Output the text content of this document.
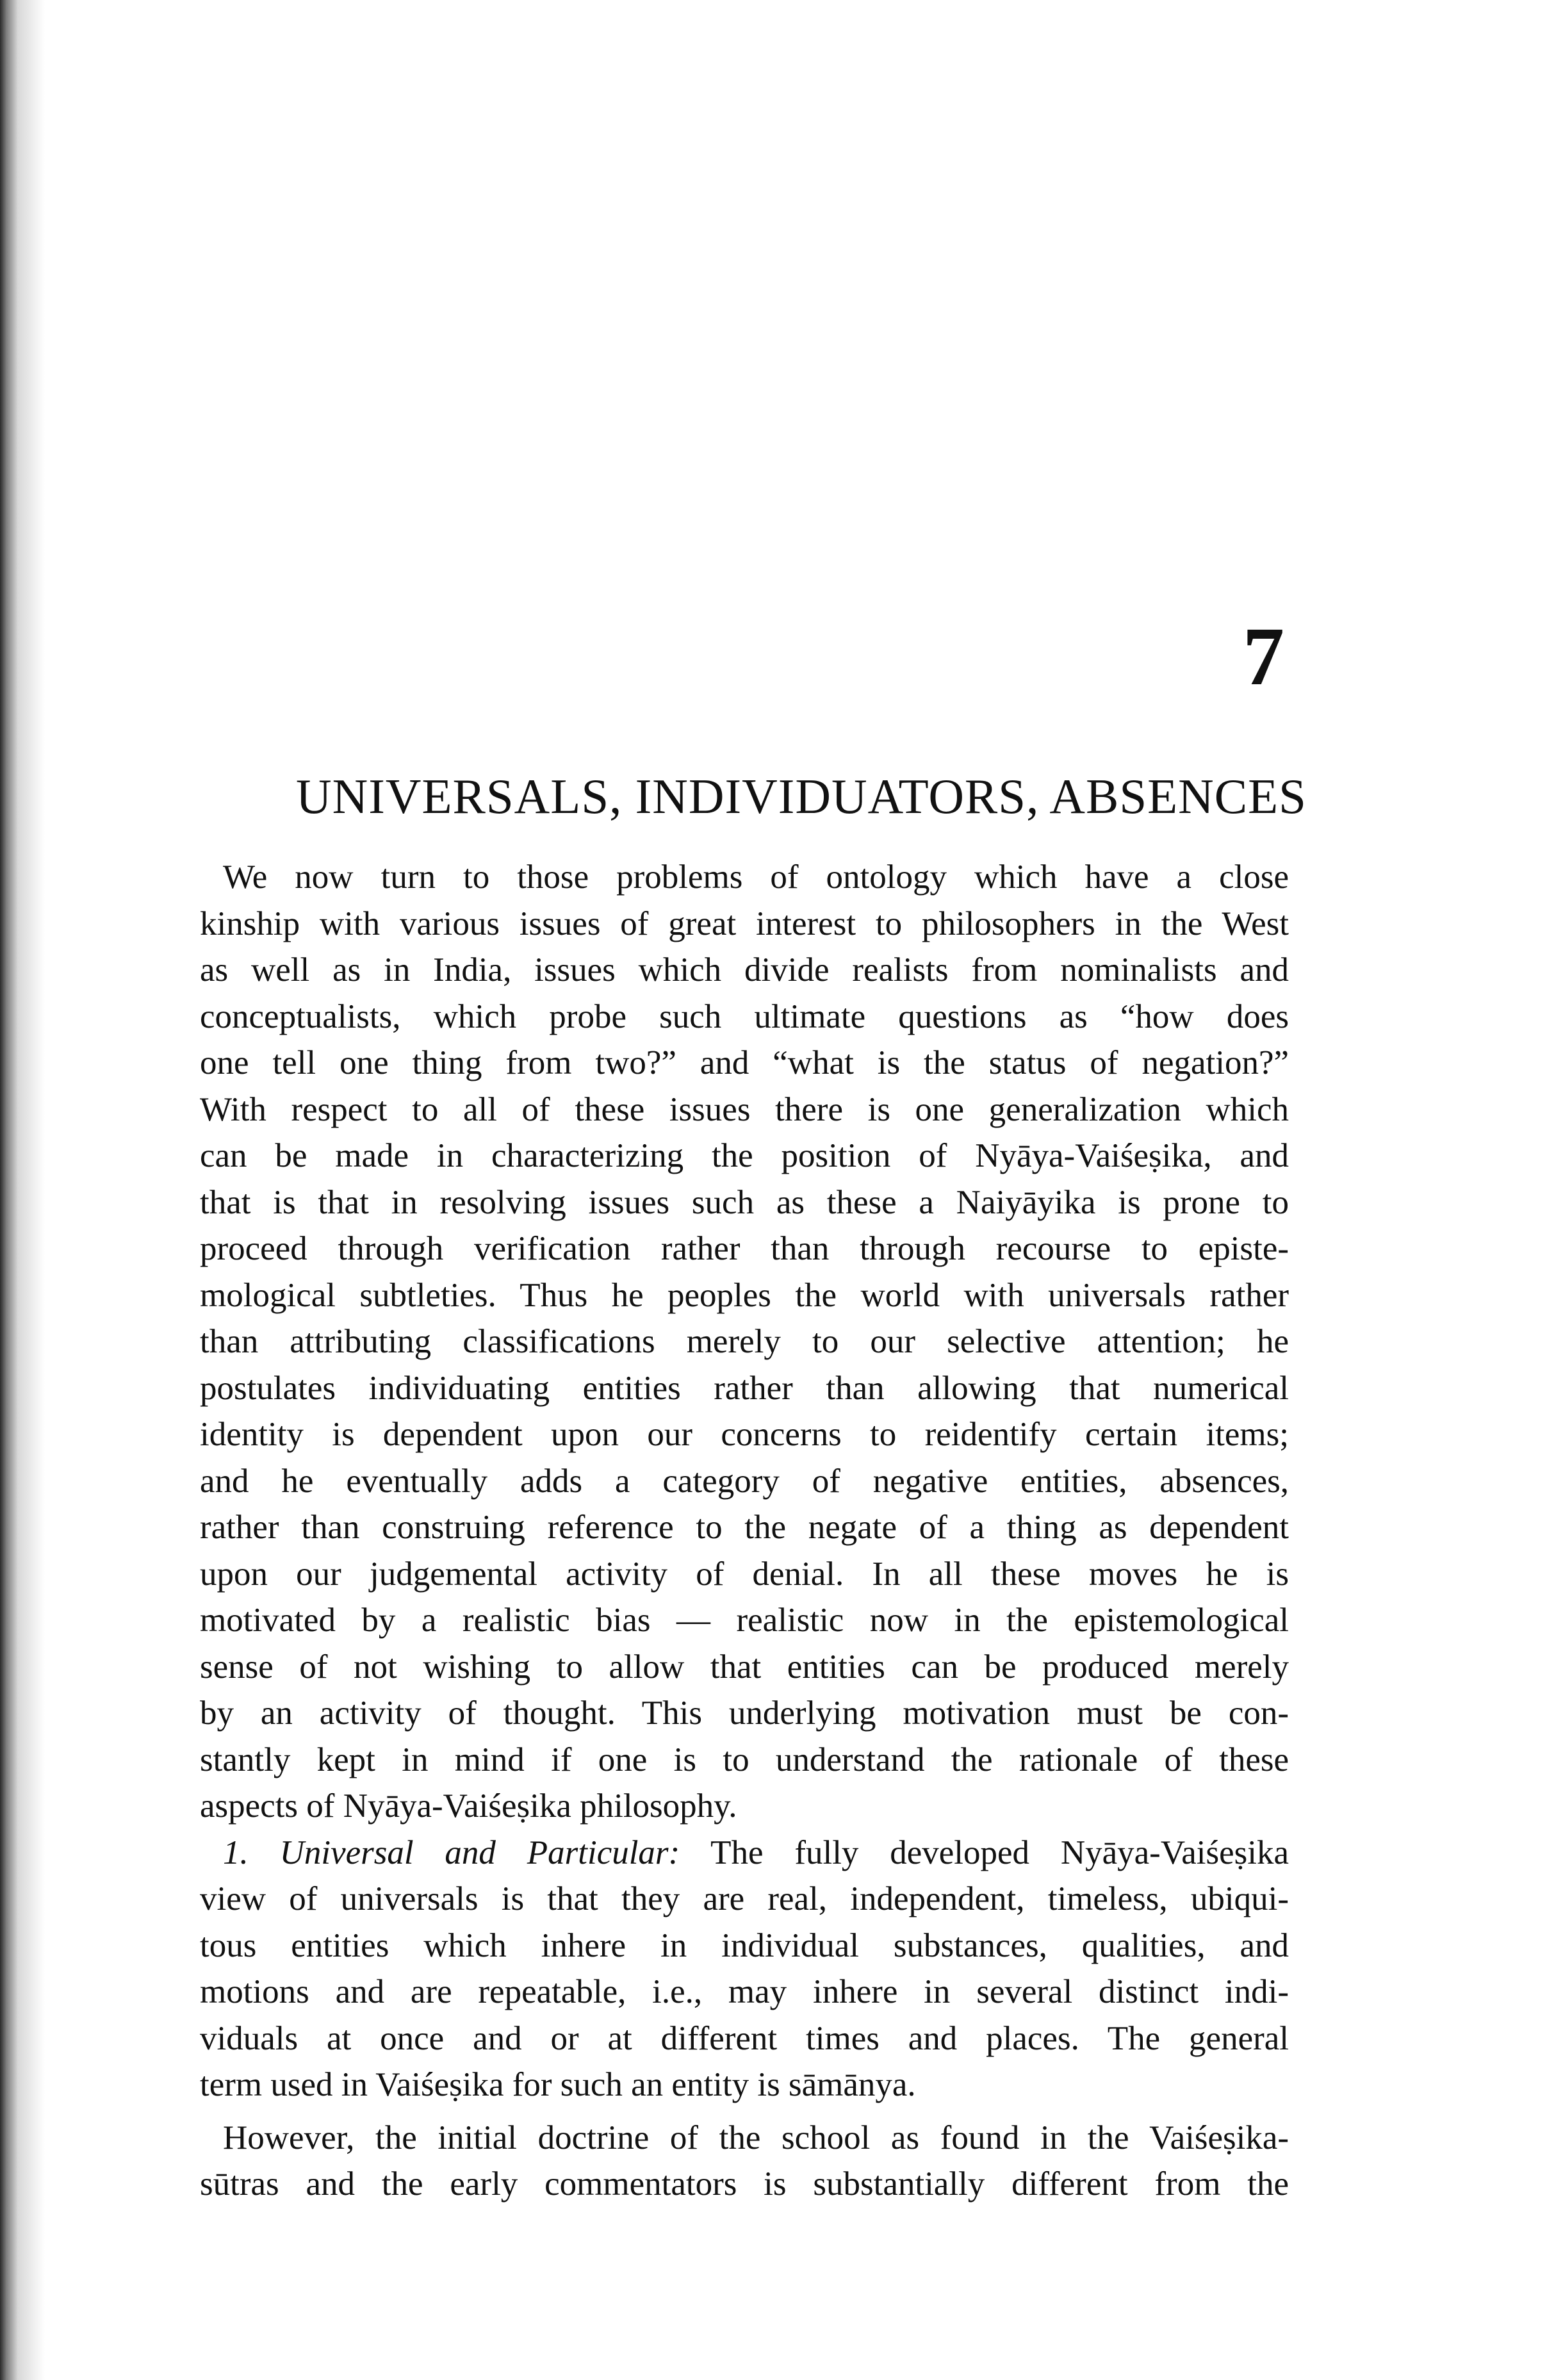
7
UNIVERSALS, INDIVIDUATORS, ABSENCES
We now turn to those problems of ontology which have a close
kinship with various issues of great interest to philosophers in the West
as well as in India, issues which divide realists from nominalists and
conceptualists, which probe such ultimate questions as “how does
one tell one thing from two?” and “what is the status of negation?”
With respect to all of these issues there is one generalization which
can be made in characterizing the position of Nyāya-Vaiśeṣika, and
that is that in resolving issues such as these a Naiyāyika is prone to
proceed through verification rather than through recourse to episte-
mological subtleties. Thus he peoples the world with universals rather
than attributing classifications merely to our selective attention; he
postulates individuating entities rather than allowing that numerical
identity is dependent upon our concerns to reidentify certain items;
and he eventually adds a category of negative entities, absences,
rather than construing reference to the negate of a thing as dependent
upon our judgemental activity of denial. In all these moves he is
motivated by a realistic bias — realistic now in the epistemological
sense of not wishing to allow that entities can be produced merely
by an activity of thought. This underlying motivation must be con-
stantly kept in mind if one is to understand the rationale of these
aspects of Nyāya-Vaiśeṣika philosophy.
1. Universal and Particular: The fully developed Nyāya-Vaiśeṣika
view of universals is that they are real, independent, timeless, ubiqui-
tous entities which inhere in individual substances, qualities, and
motions and are repeatable, i.e., may inhere in several distinct indi-
viduals at once and or at different times and places. The general
term used in Vaiśeṣika for such an entity is sāmānya.
However, the initial doctrine of the school as found in the Vaiśeṣika-
sūtras and the early commentators is substantially different from the
